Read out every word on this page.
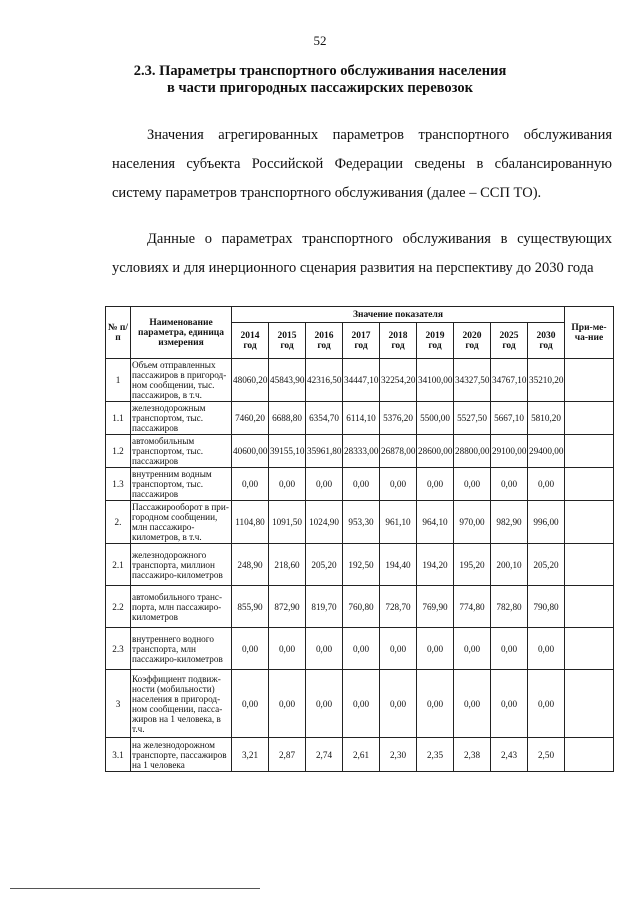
52
2.3. Параметры транспортного обслуживания населения
в части пригородных пассажирских перевозок

Значения агрегированных параметров транспортного обслуживания населения субъекта Российской Федерации сведены в сбалансированную систему параметров транспортного обслуживания (далее – ССП ТО).

Данные о параметрах транспортного обслуживания в существующих условиях и для инерционного сценария развития на перспективу до 2030 года

№ п/п	Наименование параметра, единица измерения	Значение показателя									При-ме-ча-ние
		2014 год	2015 год	2016 год	2017 год	2018 год	2019 год	2020 год	2025 год	2030 год	
1	Объем отправленных пассажиров в пригород-ном сообщении, тыс. пассажиров, в т.ч.	48060,20	45843,90	42316,50	34447,10	32254,20	34100,00	34327,50	34767,10	35210,20	
1.1	железнодорожным транспортом, тыс. пассажиров	7460,20	6688,80	6354,70	6114,10	5376,20	5500,00	5527,50	5667,10	5810,20	
1.2	автомобильным транспортом, тыс. пассажиров	40600,00	39155,10	35961,80	28333,00	26878,00	28600,00	28800,00	29100,00	29400,00	
1.3	внутренним водным транспортом, тыс. пассажиров	0,00	0,00	0,00	0,00	0,00	0,00	0,00	0,00	0,00	
2.	Пассажирооборот в при-городном сообщении, млн пассажиро-километров, в т.ч.	1104,80	1091,50	1024,90	953,30	961,10	964,10	970,00	982,90	996,00	
2.1	железнодорожного транспорта, миллион пассажиро-километров	248,90	218,60	205,20	192,50	194,40	194,20	195,20	200,10	205,20	
2.2	автомобильного транс-порта, млн пассажиро-километров	855,90	872,90	819,70	760,80	728,70	769,90	774,80	782,80	790,80	
2.3	внутреннего водного транспорта, млн пассажиро-километров	0,00	0,00	0,00	0,00	0,00	0,00	0,00	0,00	0,00	
3	Коэффициент подвиж-ности (мобильности) населения в пригород-ном сообщении, пасса-жиров на 1 человека, в т.ч.	0,00	0,00	0,00	0,00	0,00	0,00	0,00	0,00	0,00	
3.1	на железнодорожном транспорте, пассажиров на 1 человека	3,21	2,87	2,74	2,61	2,30	2,35	2,38	2,43	2,50	
